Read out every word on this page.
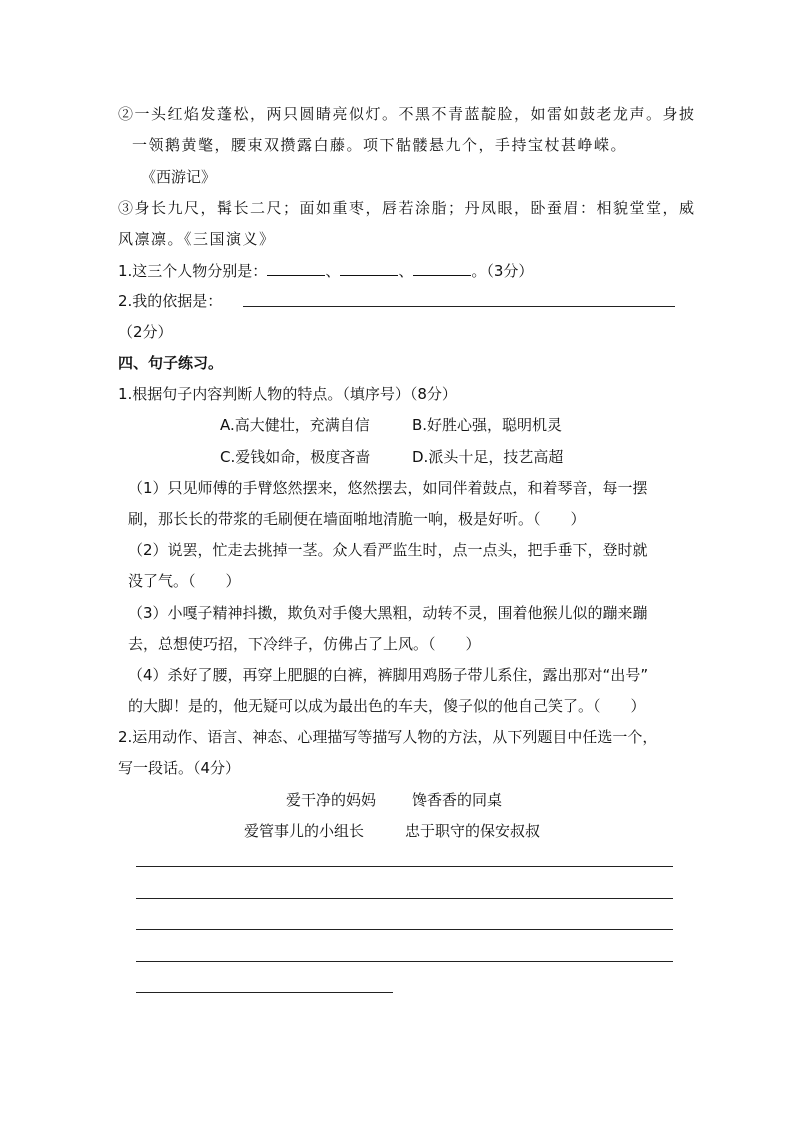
②一头红焰发蓬松，两只圆睛亮似灯。不黑不青蓝靛脸，如雷如鼓老龙声。身披
一领鹅黄氅，腰束双攒露白藤。项下骷髅悬九个，手持宝杖甚峥嵘。
《西游记》
③身长九尺，髯长二尺；面如重枣，唇若涂脂；丹凤眼，卧蚕眉：相貌堂堂，威
风凛凛。《三国演义》
1.这三个人物分别是：	、	、	。（3分）
2.我的依据是：
（2分）
四、句子练习。
1.根据句子内容判断人物的特点。（填序号）（8分）
A.高大健壮，充满自信	B.好胜心强，聪明机灵
C.爱钱如命，极度吝啬	D.派头十足，技艺高超
（1）只见师傅的手臂悠然摆来，悠然摆去，如同伴着鼓点，和着琴音，每一摆
刷，那长长的带浆的毛刷便在墙面啪地清脆一响，极是好听。（　　）
（2）说罢，忙走去挑掉一茎。众人看严监生时，点一点头，把手垂下，登时就
没了气。（　　）
（3）小嘎子精神抖擞，欺负对手傻大黑粗，动转不灵，围着他猴儿似的蹦来蹦
去，总想使巧招，下冷绊子，仿佛占了上风。（　　）
（4）杀好了腰，再穿上肥腿的白裤，裤脚用鸡肠子带儿系住，露出那对“出号”
的大脚！是的，他无疑可以成为最出色的车夫，傻子似的他自己笑了。（　　）
2.运用动作、语言、神态、心理描写等描写人物的方法，从下列题目中任选一个，
写一段话。（4分）
爱干净的妈妈 馋香香的同桌
爱管事儿的小组长	忠于职守的保安叔叔
